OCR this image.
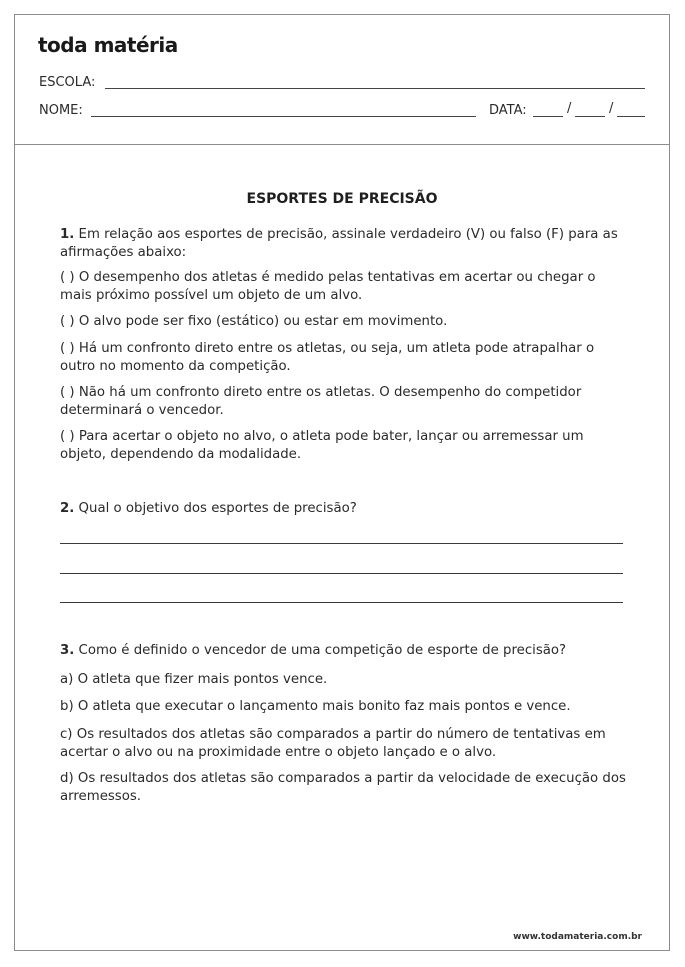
toda matéria
ESCOLA:
NOME:	DATA:	/	/
ESPORTES DE PRECISÃO
1. Em relação aos esportes de precisão, assinale verdadeiro (V) ou falso (F) para as afirmações abaixo:
( ) O desempenho dos atletas é medido pelas tentativas em acertar ou chegar o mais próximo possível um objeto de um alvo.
( ) O alvo pode ser fixo (estático) ou estar em movimento.
( ) Há um confronto direto entre os atletas, ou seja, um atleta pode atrapalhar o outro no momento da competição.
( ) Não há um confronto direto entre os atletas. O desempenho do competidor determinará o vencedor.
( ) Para acertar o objeto no alvo, o atleta pode bater, lançar ou arremessar um objeto, dependendo da modalidade.
2. Qual o objetivo dos esportes de precisão?
3. Como é definido o vencedor de uma competição de esporte de precisão?
a) O atleta que fizer mais pontos vence.
b) O atleta que executar o lançamento mais bonito faz mais pontos e vence.
c) Os resultados dos atletas são comparados a partir do número de tentativas em acertar o alvo ou na proximidade entre o objeto lançado e o alvo.
d) Os resultados dos atletas são comparados a partir da velocidade de execução dos arremessos.
www.todamateria.com.br
